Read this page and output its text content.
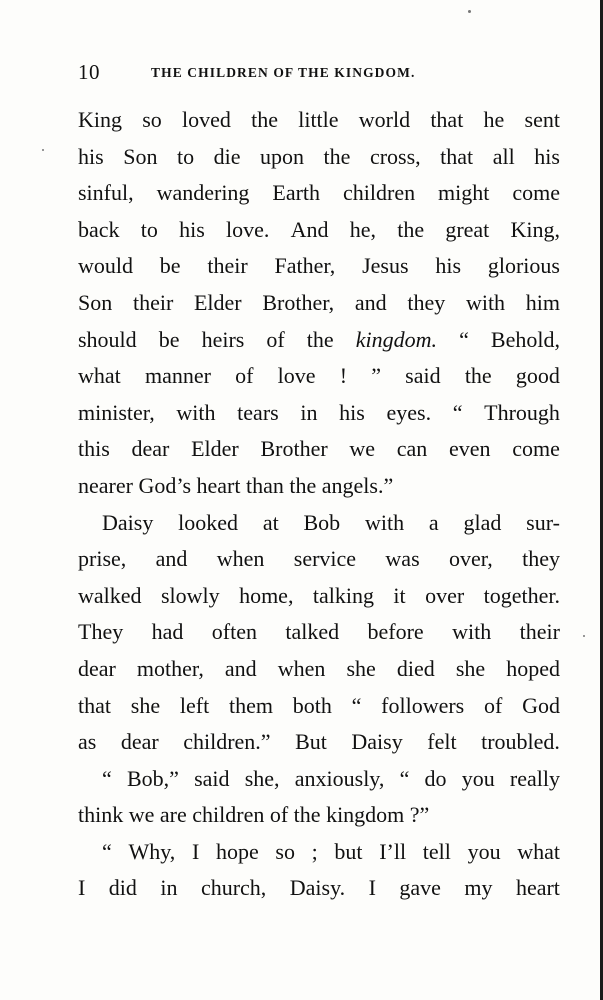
10	THE CHILDREN OF THE KINGDOM.
King so loved the little world that he sent
his Son to die upon the cross, that all his
sinful, wandering Earth children might come
back to his love. And he, the great King,
would be their Father, Jesus his glorious
Son their Elder Brother, and they with him
should be heirs of the kingdom. “ Behold,
what manner of love ! ” said the good
minister, with tears in his eyes. “ Through
this dear Elder Brother we can even come
nearer God’s heart than the angels.”
Daisy looked at Bob with a glad sur-
prise, and when service was over, they
walked slowly home, talking it over together.
They had often talked before with their
dear mother, and when she died she hoped
that she left them both “ followers of God
as dear children.” But Daisy felt troubled.
“ Bob,” said she, anxiously, “ do you really
think we are children of the kingdom ?”
“ Why, I hope so ; but I’ll tell you what
I did in church, Daisy. I gave my heart
